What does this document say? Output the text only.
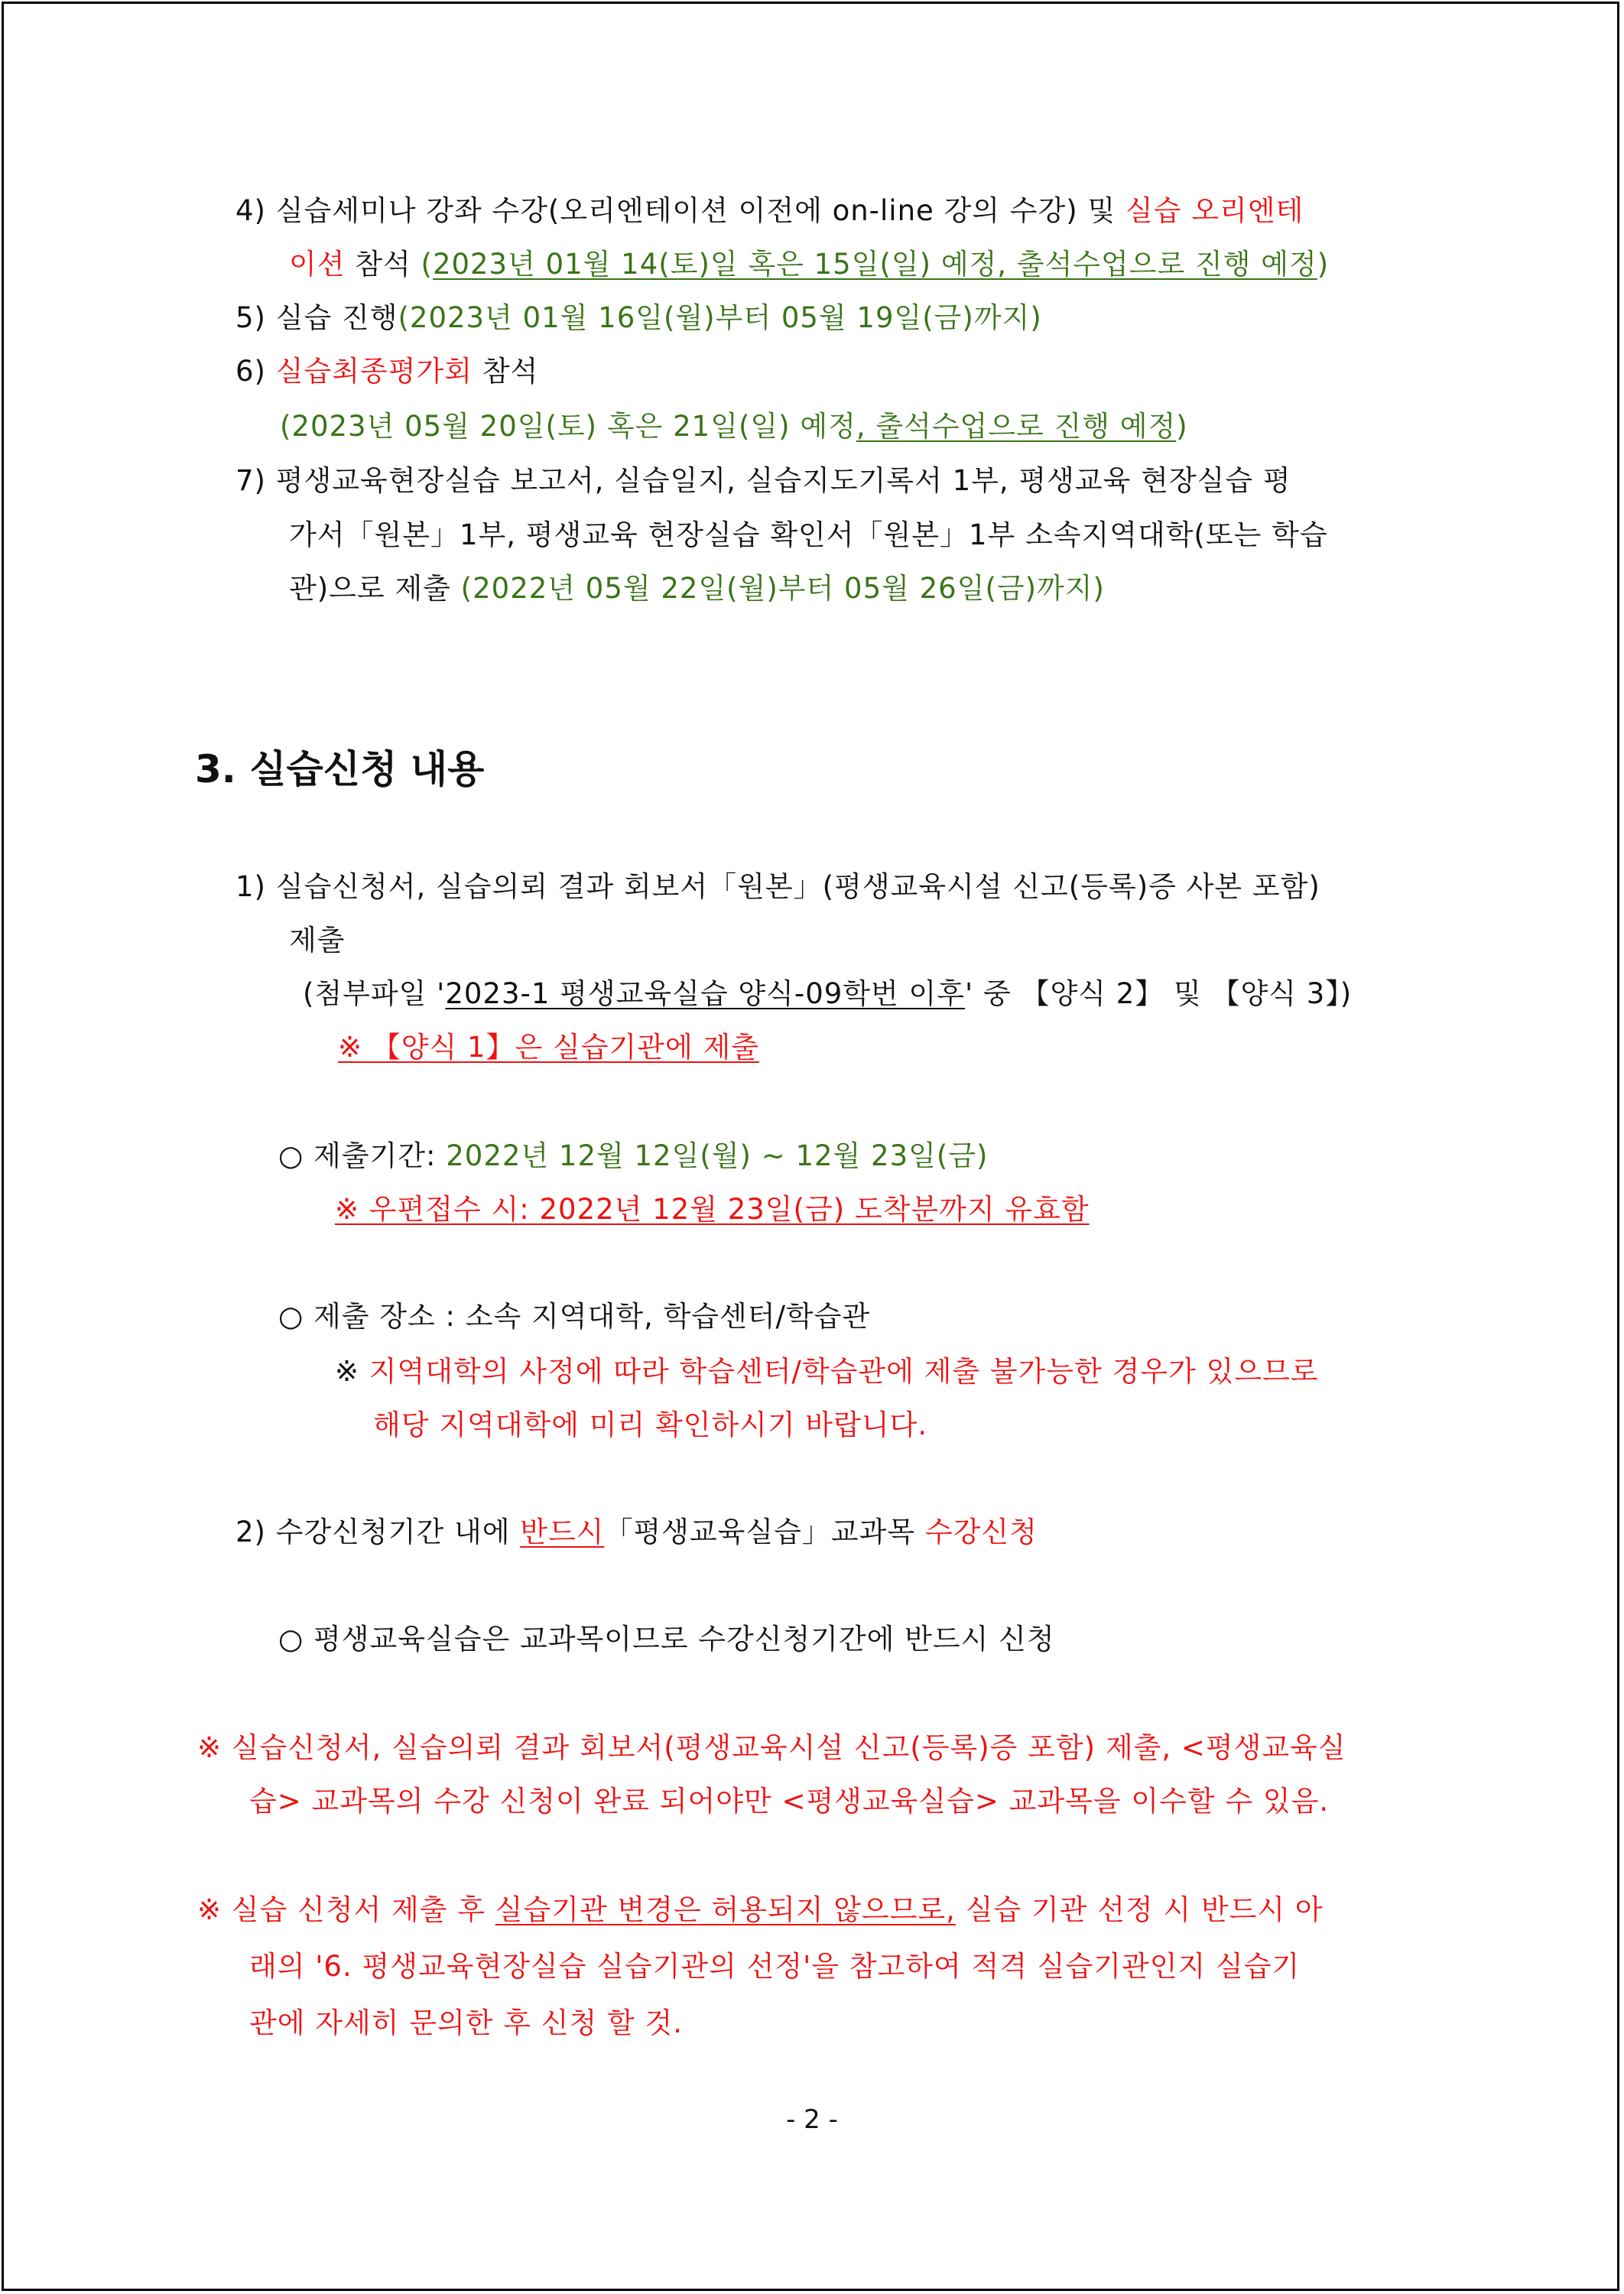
4) 실습세미나 강좌 수강(오리엔테이션 이전에 on-line 강의 수강) 및 실습 오리엔테
이션 참석 (2023년 01월 14(토)일 혹은 15일(일) 예정, 출석수업으로 진행 예정)
5) 실습 진행(2023년 01월 16일(월)부터 05월 19일(금)까지)
6) 실습최종평가회 참석
(2023년 05월 20일(토) 혹은 21일(일) 예정, 출석수업으로 진행 예정)
7) 평생교육현장실습 보고서, 실습일지, 실습지도기록서 1부, 평생교육 현장실습 평
가서「원본」1부, 평생교육 현장실습 확인서「원본」1부 소속지역대학(또는 학습
관)으로 제출 (2022년 05월 22일(월)부터 05월 26일(금)까지)
3. 실습신청 내용
1) 실습신청서, 실습의뢰 결과 회보서「원본」(평생교육시설 신고(등록)증 사본 포함)
제출
(첨부파일 '2023-1 평생교육실습 양식-09학번 이후' 중 【양식 2】 및 【양식 3】)
※ 【양식 1】은 실습기관에 제출
○ 제출기간: 2022년 12월 12일(월) ~ 12월 23일(금)
※ 우편접수 시: 2022년 12월 23일(금) 도착분까지 유효함
○ 제출 장소 : 소속 지역대학, 학습센터/학습관
※ 지역대학의 사정에 따라 학습센터/학습관에 제출 불가능한 경우가 있으므로
해당 지역대학에 미리 확인하시기 바랍니다.
2) 수강신청기간 내에 반드시「평생교육실습」교과목 수강신청
○ 평생교육실습은 교과목이므로 수강신청기간에 반드시 신청
※ 실습신청서, 실습의뢰 결과 회보서(평생교육시설 신고(등록)증 포함) 제출, <평생교육실
습> 교과목의 수강 신청이 완료 되어야만 <평생교육실습> 교과목을 이수할 수 있음.
※ 실습 신청서 제출 후 실습기관 변경은 허용되지 않으므로, 실습 기관 선정 시 반드시 아
래의 '6. 평생교육현장실습 실습기관의 선정'을 참고하여 적격 실습기관인지 실습기
관에 자세히 문의한 후 신청 할 것.
- 2 -
